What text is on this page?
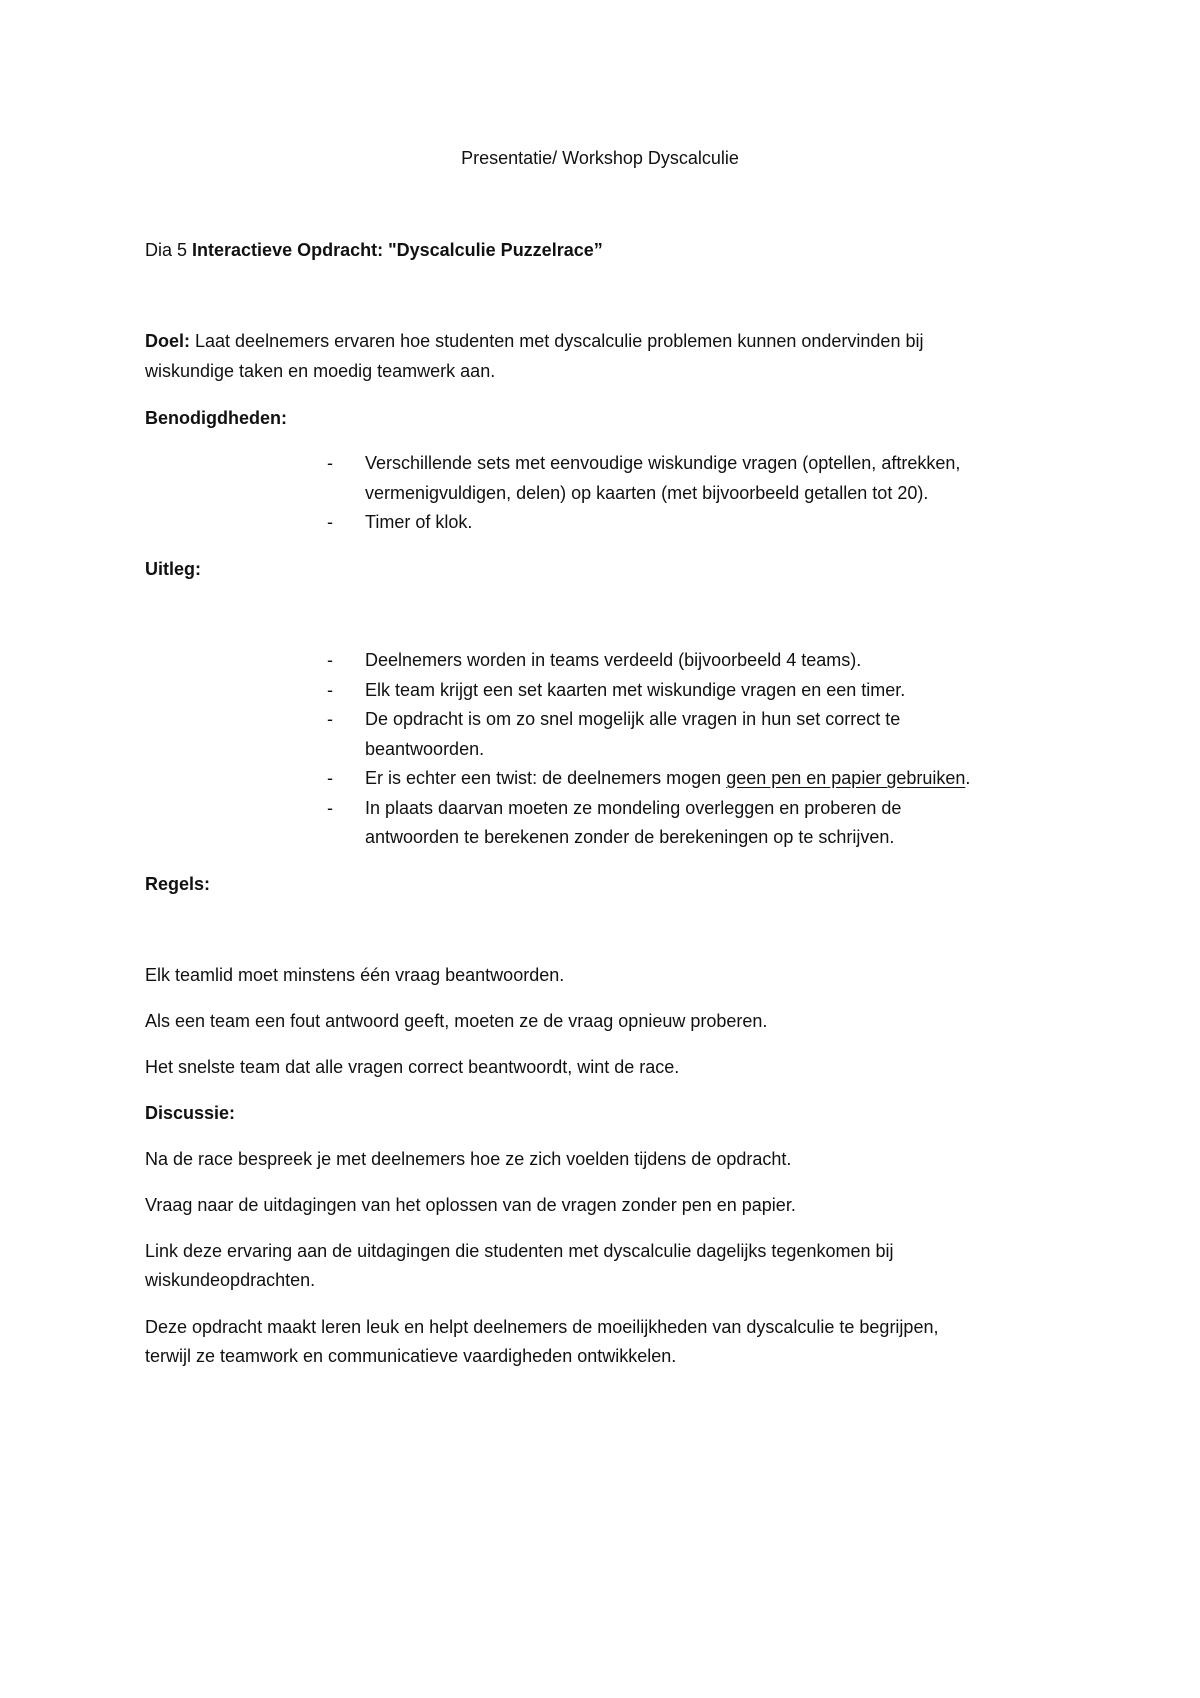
Presentatie/ Workshop Dyscalculie
Dia 5 Interactieve Opdracht: "Dyscalculie Puzzelrace”
Doel: Laat deelnemers ervaren hoe studenten met dyscalculie problemen kunnen ondervinden bij
wiskundige taken en moedig teamwerk aan.
Benodigdheden:
- Verschillende sets met eenvoudige wiskundige vragen (optellen, aftrekken,
vermenigvuldigen, delen) op kaarten (met bijvoorbeeld getallen tot 20).
- Timer of klok.
Uitleg:
- Deelnemers worden in teams verdeeld (bijvoorbeeld 4 teams).
- Elk team krijgt een set kaarten met wiskundige vragen en een timer.
- De opdracht is om zo snel mogelijk alle vragen in hun set correct te
beantwoorden.
- Er is echter een twist: de deelnemers mogen geen pen en papier gebruiken.
- In plaats daarvan moeten ze mondeling overleggen en proberen de
antwoorden te berekenen zonder de berekeningen op te schrijven.
Regels:
Elk teamlid moet minstens één vraag beantwoorden.
Als een team een fout antwoord geeft, moeten ze de vraag opnieuw proberen.
Het snelste team dat alle vragen correct beantwoordt, wint de race.
Discussie:
Na de race bespreek je met deelnemers hoe ze zich voelden tijdens de opdracht.
Vraag naar de uitdagingen van het oplossen van de vragen zonder pen en papier.
Link deze ervaring aan de uitdagingen die studenten met dyscalculie dagelijks tegenkomen bij
wiskundeopdrachten.
Deze opdracht maakt leren leuk en helpt deelnemers de moeilijkheden van dyscalculie te begrijpen,
terwijl ze teamwork en communicatieve vaardigheden ontwikkelen.
